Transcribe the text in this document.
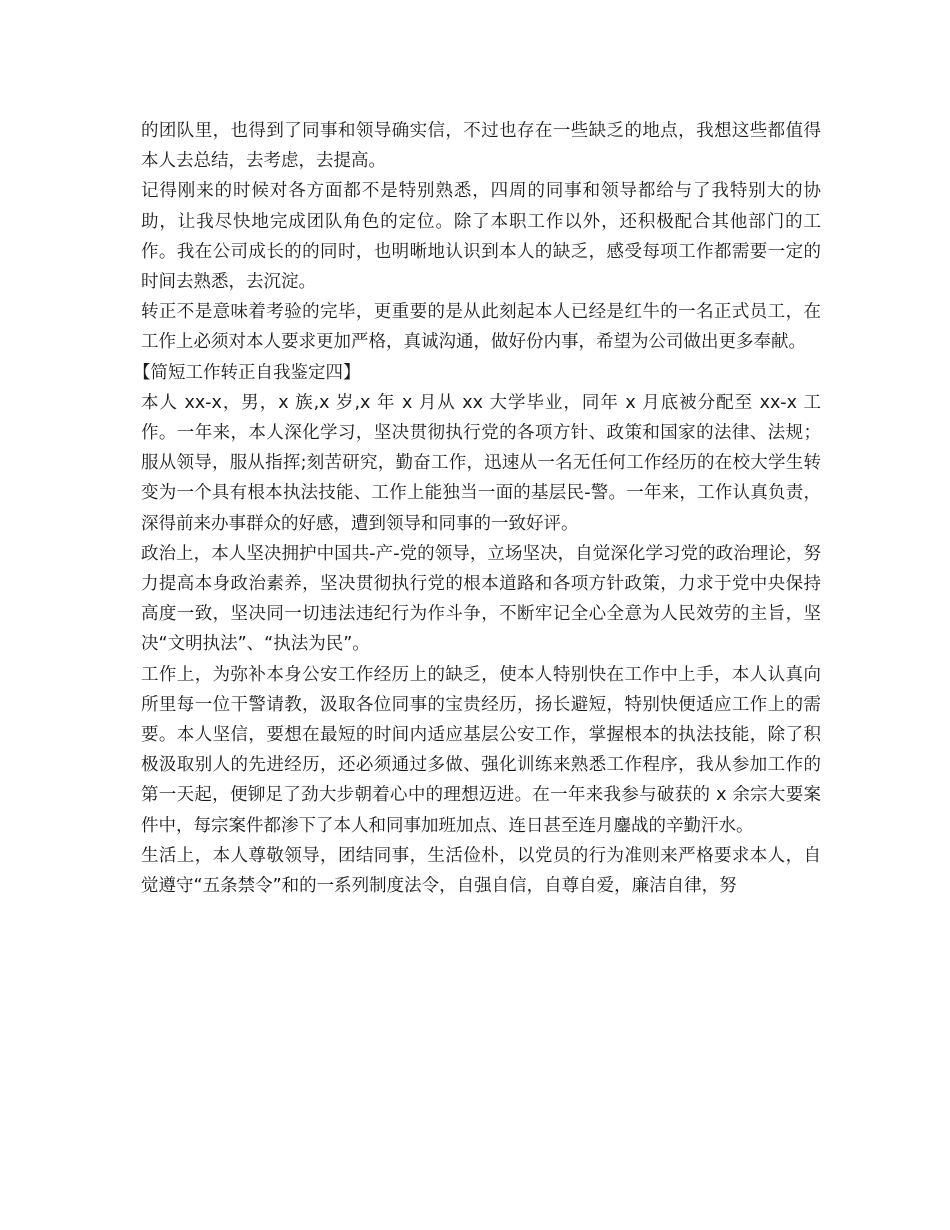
的团队里，也得到了同事和领导确实信，不过也存在一些缺乏的地点，我想这些都值得本人去总结，去考虑，去提高。

记得刚来的时候对各方面都不是特别熟悉，四周的同事和领导都给与了我特别大的协助，让我尽快地完成团队角色的定位。除了本职工作以外，还积极配合其他部门的工作。我在公司成长的的同时，也明晰地认识到本人的缺乏，感受每项工作都需要一定的时间去熟悉，去沉淀。

转正不是意味着考验的完毕，更重要的是从此刻起本人已经是红牛的一名正式员工，在工作上必须对本人要求更加严格，真诚沟通，做好份内事，希望为公司做出更多奉献。

【简短工作转正自我鉴定四】

本人 xx-x，男，x 族,x 岁,x 年 x 月从 xx 大学毕业，同年 x 月底被分配至 xx-x 工作。一年来，本人深化学习，坚决贯彻执行党的各项方针、政策和国家的法律、法规；服从领导，服从指挥;刻苦研究，勤奋工作，迅速从一名无任何工作经历的在校大学生转变为一个具有根本执法技能、工作上能独当一面的基层民-警。一年来，工作认真负责，深得前来办事群众的好感，遭到领导和同事的一致好评。

政治上，本人坚决拥护中国共-产-党的领导，立场坚决，自觉深化学习党的政治理论，努力提高本身政治素养，坚决贯彻执行党的根本道路和各项方针政策，力求于党中央保持高度一致，坚决同一切违法违纪行为作斗争，不断牢记全心全意为人民效劳的主旨，坚决“文明执法”、“执法为民”。

工作上，为弥补本身公安工作经历上的缺乏，使本人特别快在工作中上手，本人认真向所里每一位干警请教，汲取各位同事的宝贵经历，扬长避短，特别快便适应工作上的需要。本人坚信，要想在最短的时间内适应基层公安工作，掌握根本的执法技能，除了积极汲取别人的先进经历，还必须通过多做、强化训练来熟悉工作程序，我从参加工作的第一天起，便铆足了劲大步朝着心中的理想迈进。在一年来我参与破获的 x 余宗大要案件中，每宗案件都渗下了本人和同事加班加点、连日甚至连月鏖战的辛勤汗水。

生活上，本人尊敬领导，团结同事，生活俭朴，以党员的行为准则来严格要求本人，自觉遵守“五条禁令”和的一系列制度法令，自强自信，自尊自爱，廉洁自律，努
